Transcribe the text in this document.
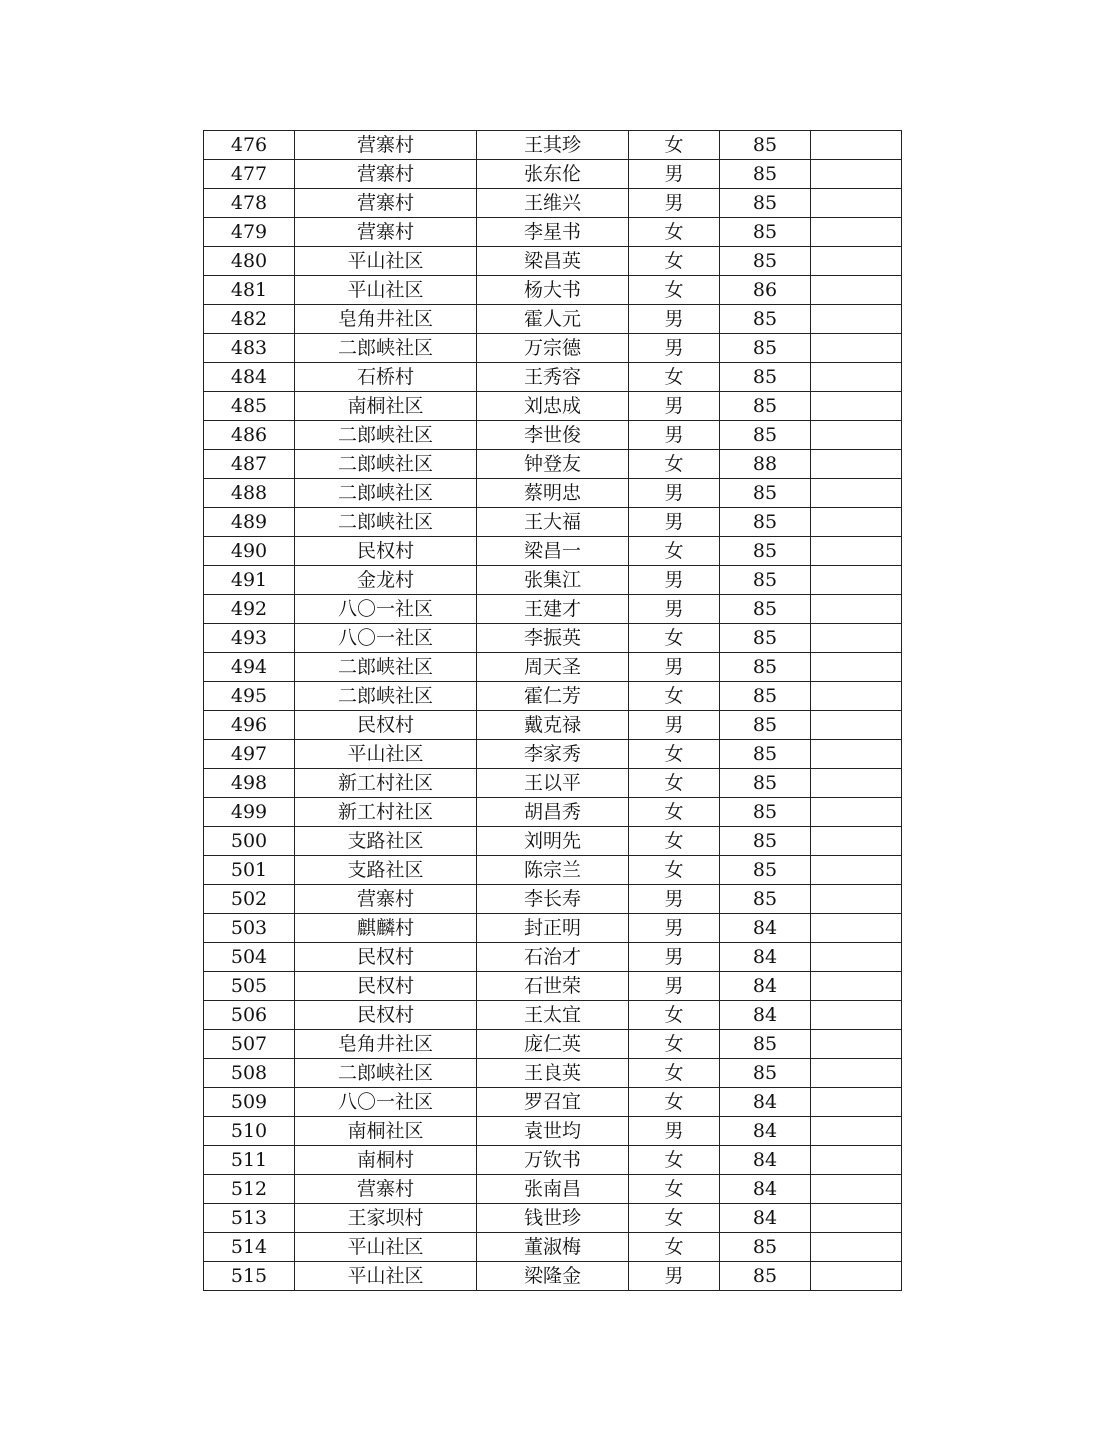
476	营寨村	王其珍	女	85	
477	营寨村	张东伦	男	85	
478	营寨村	王维兴	男	85	
479	营寨村	李星书	女	85	
480	平山社区	梁昌英	女	85	
481	平山社区	杨大书	女	86	
482	皂角井社区	霍人元	男	85	
483	二郎峡社区	万宗德	男	85	
484	石桥村	王秀容	女	85	
485	南桐社区	刘忠成	男	85	
486	二郎峡社区	李世俊	男	85	
487	二郎峡社区	钟登友	女	88	
488	二郎峡社区	蔡明忠	男	85	
489	二郎峡社区	王大福	男	85	
490	民权村	梁昌一	女	85	
491	金龙村	张集江	男	85	
492	八〇一社区	王建才	男	85	
493	八〇一社区	李振英	女	85	
494	二郎峡社区	周天圣	男	85	
495	二郎峡社区	霍仁芳	女	85	
496	民权村	戴克禄	男	85	
497	平山社区	李家秀	女	85	
498	新工村社区	王以平	女	85	
499	新工村社区	胡昌秀	女	85	
500	支路社区	刘明先	女	85	
501	支路社区	陈宗兰	女	85	
502	营寨村	李长寿	男	85	
503	麒麟村	封正明	男	84	
504	民权村	石治才	男	84	
505	民权村	石世荣	男	84	
506	民权村	王太宜	女	84	
507	皂角井社区	庞仁英	女	85	
508	二郎峡社区	王良英	女	85	
509	八〇一社区	罗召宜	女	84	
510	南桐社区	袁世均	男	84	
511	南桐村	万钦书	女	84	
512	营寨村	张南昌	女	84	
513	王家坝村	钱世珍	女	84	
514	平山社区	董淑梅	女	85	
515	平山社区	梁隆金	男	85	
